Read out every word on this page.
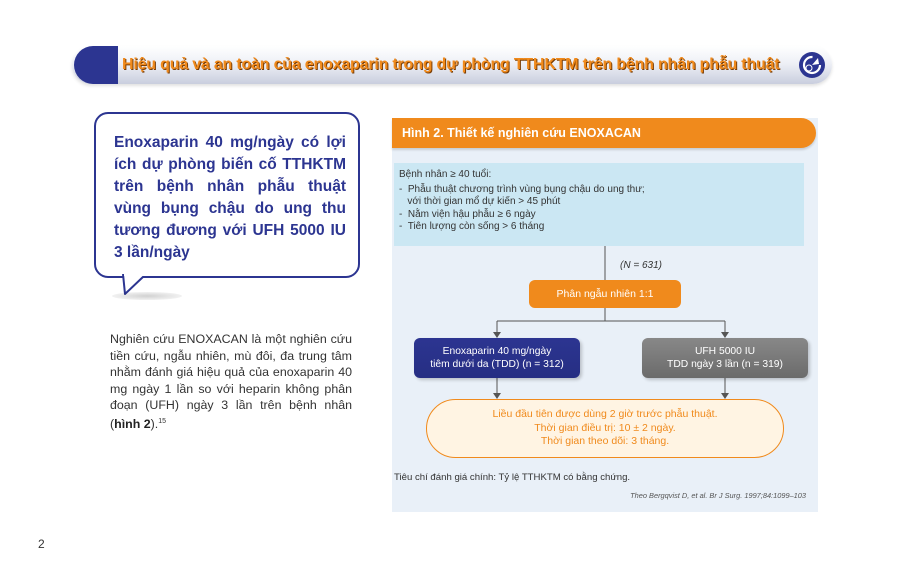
Hiệu quả và an toàn của enoxaparin trong dự phòng TTHKTM trên bệnh nhân phẫu thuật

Enoxaparin 40 mg/ngày có lợi ích dự phòng biến cố TTHKTM trên bệnh nhân phẫu thuật vùng bụng chậu do ung thu tương đương với UFH 5000 IU 3 lần/ngày

Nghiên cứu ENOXACAN là một nghiên cứu tiền cứu, ngẫu nhiên, mù đôi, đa trung tâm nhằm đánh giá hiệu quả của enoxaparin 40 mg ngày 1 lần so với heparin không phân đoạn (UFH) ngày 3 lần trên bệnh nhân (hình 2).$^{15}$

2
Hình 2. Thiết kế nghiên cứu ENOXACAN
Bệnh nhân ≥ 40 tuổi:
-  Phẫu thuật chương trình vùng bụng chậu do ung thư;
với thời gian mổ dự kiến > 45 phút
-  Nằm viện hậu phẫu ≥ 6 ngày
-  Tiên lượng còn sống > 6 tháng
(N = 631)
Phân ngẫu nhiên 1:1
Enoxaparin 40 mg/ngày
tiêm dưới da (TDD) (n = 312)
UFH 5000 IU
TDD ngày 3 lần (n = 319)
Liều đầu tiên được dùng 2 giờ trước phẫu thuật.
Thời gian điều trị: 10 ± 2 ngày.
Thời gian theo dõi: 3 tháng.
Tiêu chí đánh giá chính: Tỷ lệ TTHKTM có bằng chứng.
Theo Bergqvist D, et al. Br J Surg. 1997;84:1099–103
